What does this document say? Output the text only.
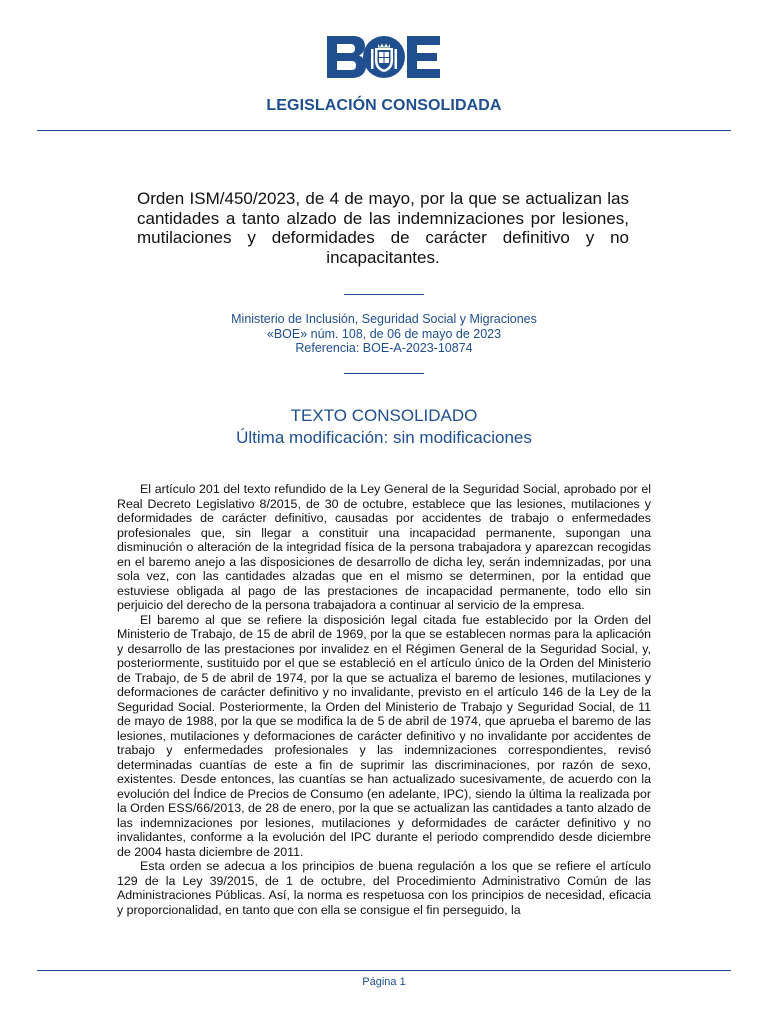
LEGISLACIÓN CONSOLIDADA
Orden ISM/450/2023, de 4 de mayo, por la que se actualizan las cantidades a tanto alzado de las indemnizaciones por lesiones, mutilaciones y deformidades de carácter definitivo y no incapacitantes.
Ministerio de Inclusión, Seguridad Social y Migraciones
«BOE» núm. 108, de 06 de mayo de 2023
Referencia: BOE-A-2023-10874
TEXTO CONSOLIDADO
Última modificación: sin modificaciones

El artículo 201 del texto refundido de la Ley General de la Seguridad Social, aprobado por el Real Decreto Legislativo 8/2015, de 30 de octubre, establece que las lesiones, mutilaciones y deformidades de carácter definitivo, causadas por accidentes de trabajo o enfermedades profesionales que, sin llegar a constituir una incapacidad permanente, supongan una disminución o alteración de la integridad física de la persona trabajadora y aparezcan recogidas en el baremo anejo a las disposiciones de desarrollo de dicha ley, serán indemnizadas, por una sola vez, con las cantidades alzadas que en el mismo se determinen, por la entidad que estuviese obligada al pago de las prestaciones de incapacidad permanente, todo ello sin perjuicio del derecho de la persona trabajadora a continuar al servicio de la empresa.

El baremo al que se refiere la disposición legal citada fue establecido por la Orden del Ministerio de Trabajo, de 15 de abril de 1969, por la que se establecen normas para la aplicación y desarrollo de las prestaciones por invalidez en el Régimen General de la Seguridad Social, y, posteriormente, sustituido por el que se estableció en el artículo único de la Orden del Ministerio de Trabajo, de 5 de abril de 1974, por la que se actualiza el baremo de lesiones, mutilaciones y deformaciones de carácter definitivo y no invalidante, previsto en el artículo 146 de la Ley de la Seguridad Social. Posteriormente, la Orden del Ministerio de Trabajo y Seguridad Social, de 11 de mayo de 1988, por la que se modifica la de 5 de abril de 1974, que aprueba el baremo de las lesiones, mutilaciones y deformaciones de carácter definitivo y no invalidante por accidentes de trabajo y enfermedades profesionales y las indemnizaciones correspondientes, revisó determinadas cuantías de este a fin de suprimir las discriminaciones, por razón de sexo, existentes. Desde entonces, las cuantías se han actualizado sucesivamente, de acuerdo con la evolución del Índice de Precios de Consumo (en adelante, IPC), siendo la última la realizada por la Orden ESS/66/2013, de 28 de enero, por la que se actualizan las cantidades a tanto alzado de las indemnizaciones por lesiones, mutilaciones y deformidades de carácter definitivo y no invalidantes, conforme a la evolución del IPC durante el periodo comprendido desde diciembre de 2004 hasta diciembre de 2011.

Esta orden se adecua a los principios de buena regulación a los que se refiere el artículo 129 de la Ley 39/2015, de 1 de octubre, del Procedimiento Administrativo Común de las Administraciones Públicas. Así, la norma es respetuosa con los principios de necesidad, eficacia y proporcionalidad, en tanto que con ella se consigue el fin perseguido, la

Página 1
